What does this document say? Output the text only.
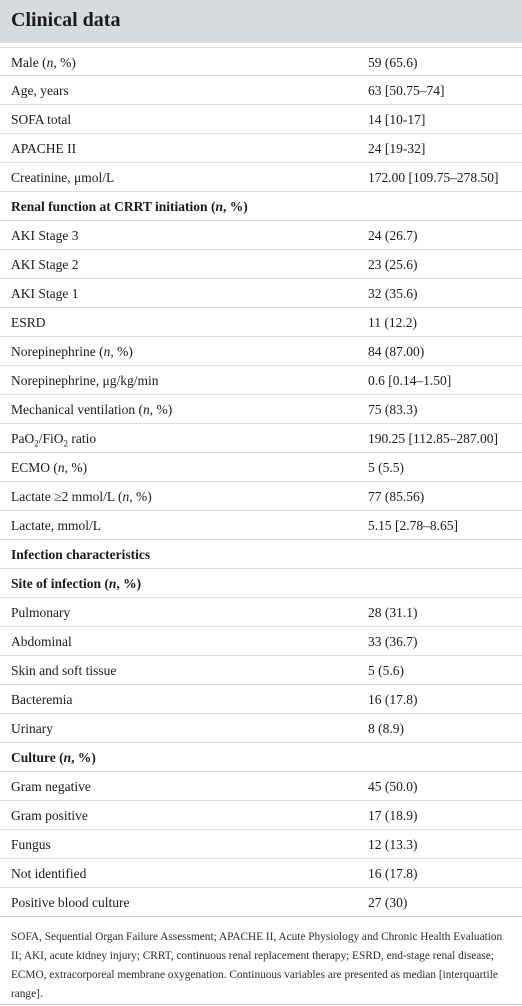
Clinical data
Male (n, %)	59 (65.6)
Age, years	63 [50.75–74]
SOFA total	14 [10-17]
APACHE II	24 [19-32]
Creatinine, μmol/L	172.00 [109.75–278.50]
Renal function at CRRT initiation (n, %)
AKI Stage 3	24 (26.7)
AKI Stage 2	23 (25.6)
AKI Stage 1	32 (35.6)
ESRD	11 (12.2)
Norepinephrine (n, %)	84 (87.00)
Norepinephrine, μg/kg/min	0.6 [0.14–1.50]
Mechanical ventilation (n, %)	75 (83.3)
PaO$_2$/FiO$_2$ ratio	190.25 [112.85–287.00]
ECMO (n, %)	5 (5.5)
Lactate ≥2 mmol/L (n, %)	77 (85.56)
Lactate, mmol/L	5.15 [2.78–8.65]
Infection characteristics
Site of infection (n, %)
Pulmonary	28 (31.1)
Abdominal	33 (36.7)
Skin and soft tissue	5 (5.6)
Bacteremia	16 (17.8)
Urinary	8 (8.9)
Culture (n, %)
Gram negative	45 (50.0)
Gram positive	17 (18.9)
Fungus	12 (13.3)
Not identified	16 (17.8)
Positive blood culture	27 (30)
SOFA, Sequential Organ Failure Assessment; APACHE II, Acute Physiology and Chronic Health Evaluation II; AKI, acute kidney injury; CRRT, continuous renal replacement therapy; ESRD, end-stage renal disease; ECMO, extracorporeal membrane oxygenation. Continuous variables are presented as median [interquartile range].
